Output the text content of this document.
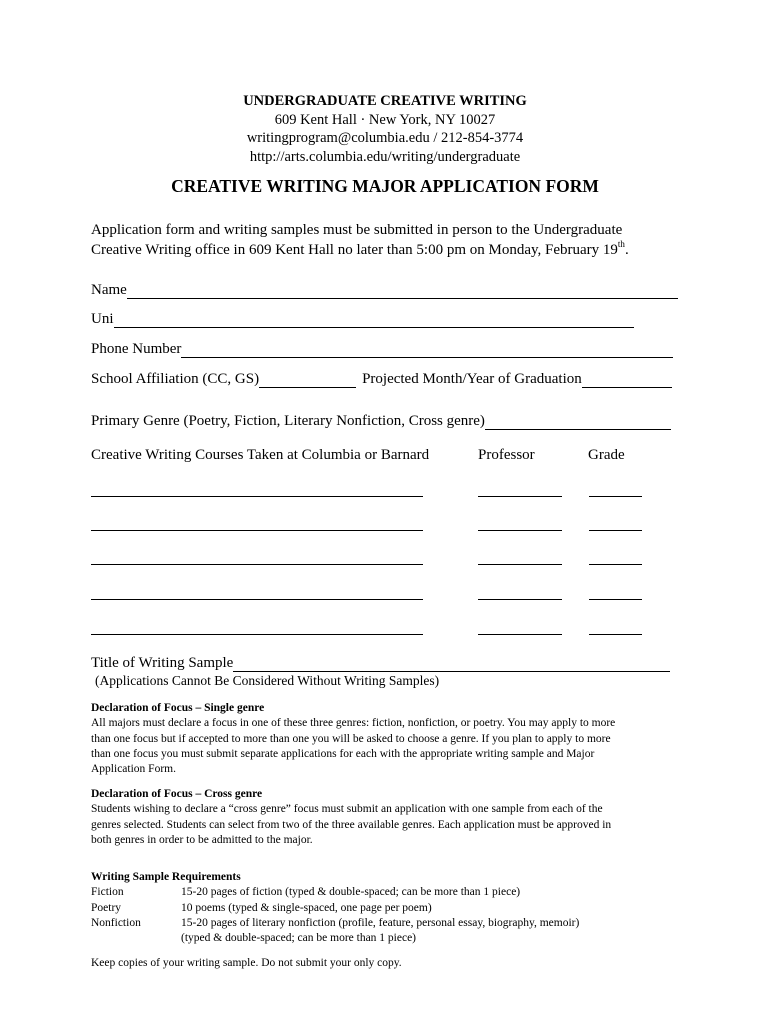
UNDERGRADUATE CREATIVE WRITING
609 Kent Hall · New York, NY 10027
writingprogram@columbia.edu / 212-854-3774
http://arts.columbia.edu/writing/undergraduate
CREATIVE WRITING MAJOR APPLICATION FORM
Application form and writing samples must be submitted in person to the Undergraduate
Creative Writing office in 609 Kent Hall no later than 5:00 pm on Monday, February 19th.
Name
Uni
Phone Number
School Affiliation (CC, GS)	Projected Month/Year of Graduation
Primary Genre (Poetry, Fiction, Literary Nonfiction, Cross genre)
Creative Writing Courses Taken at Columbia or Barnard	Professor	Grade
Title of Writing Sample
(Applications Cannot Be Considered Without Writing Samples)
Declaration of Focus – Single genre
All majors must declare a focus in one of these three genres: fiction, nonfiction, or poetry. You may apply to more
than one focus but if accepted to more than one you will be asked to choose a genre. If you plan to apply to more
than one focus you must submit separate applications for each with the appropriate writing sample and Major
Application Form.
Declaration of Focus – Cross genre
Students wishing to declare a “cross genre” focus must submit an application with one sample from each of the
genres selected. Students can select from two of the three available genres. Each application must be approved in
both genres in order to be admitted to the major.
Writing Sample Requirements
Fiction	15-20 pages of fiction (typed & double-spaced; can be more than 1 piece)
Poetry	10 poems (typed & single-spaced, one page per poem)
Nonfiction	15-20 pages of literary nonfiction (profile, feature, personal essay, biography, memoir)
(typed & double-spaced; can be more than 1 piece)
Keep copies of your writing sample. Do not submit your only copy.
